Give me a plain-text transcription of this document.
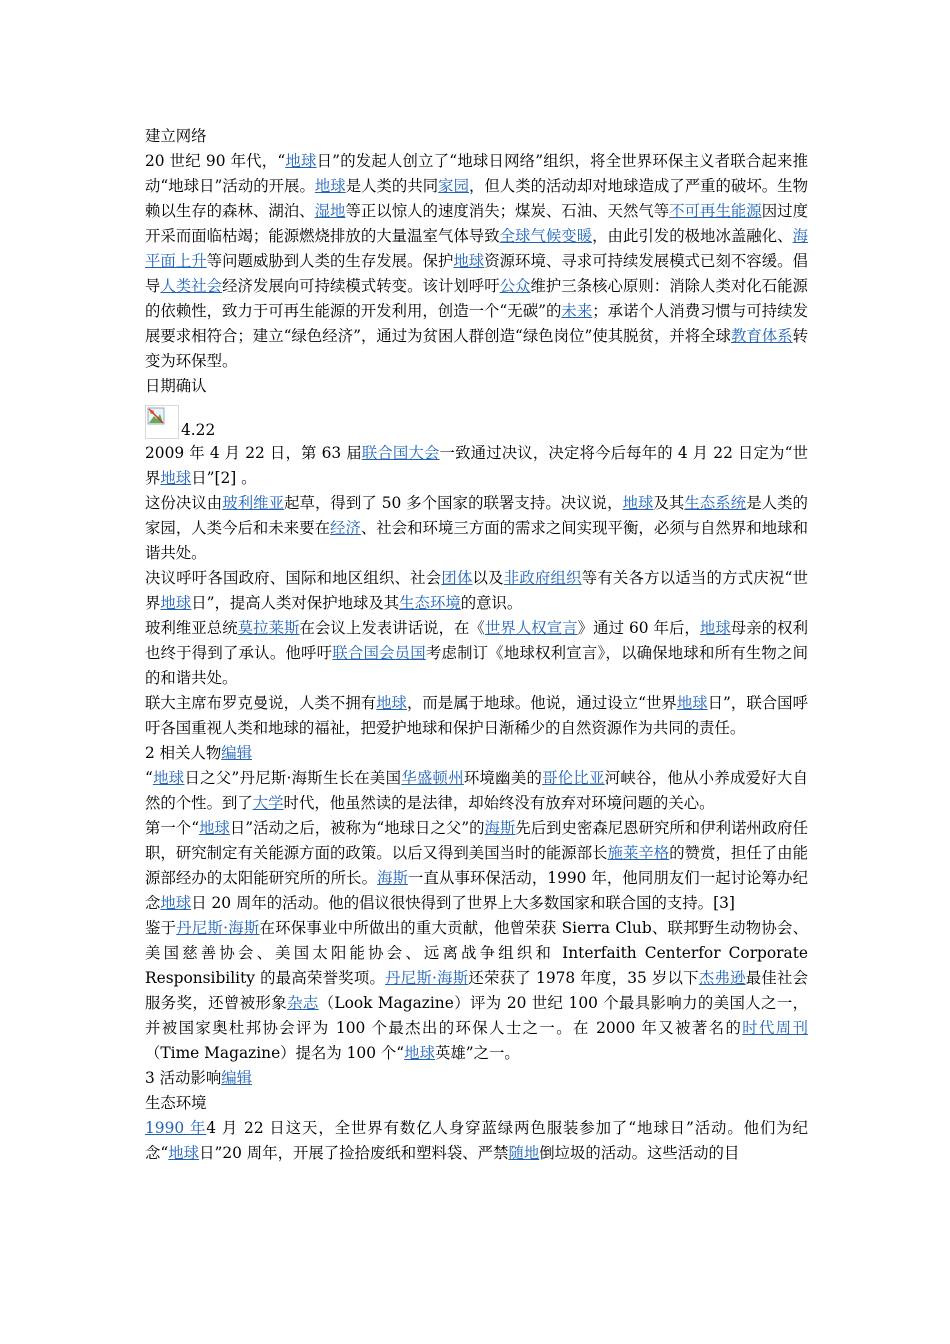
建立网络

20 世纪 90 年代，“地球日”的发起人创立了“地球日网络”组织，将全世界环保主义者联合起来推动“地球日”活动的开展。地球是人类的共同家园，但人类的活动却对地球造成了严重的破坏。生物赖以生存的森林、湖泊、湿地等正以惊人的速度消失；煤炭、石油、天然气等不可再生能源因过度开采而面临枯竭；能源燃烧排放的大量温室气体导致全球气候变暖，由此引发的极地冰盖融化、海平面上升等问题威胁到人类的生存发展。保护地球资源环境、寻求可持续发展模式已刻不容缓。倡导人类社会经济发展向可持续模式转变。该计划呼吁公众维护三条核心原则：消除人类对化石能源的依赖性，致力于可再生能源的开发利用，创造一个“无碳”的未来；承诺个人消费习惯与可持续发展要求相符合；建立“绿色经济”，通过为贫困人群创造“绿色岗位”使其脱贫，并将全球教育体系转变为环保型。

日期确认

4.22

2009 年 4 月 22 日，第 63 届联合国大会一致通过决议，决定将今后每年的 4 月 22 日定为“世界地球日”[2] 。

这份决议由玻利维亚起草，得到了 50 多个国家的联署支持。决议说，地球及其生态系统是人类的家园，人类今后和未来要在经济、社会和环境三方面的需求之间实现平衡，必须与自然界和地球和谐共处。

决议呼吁各国政府、国际和地区组织、社会团体以及非政府组织等有关各方以适当的方式庆祝“世界地球日”，提高人类对保护地球及其生态环境的意识。

玻利维亚总统莫拉莱斯在会议上发表讲话说，在《世界人权宣言》通过 60 年后，地球母亲的权利也终于得到了承认。他呼吁联合国会员国考虑制订《地球权利宣言》，以确保地球和所有生物之间的和谐共处。

联大主席布罗克曼说，人类不拥有地球，而是属于地球。他说，通过设立“世界地球日”，联合国呼吁各国重视人类和地球的福祉，把爱护地球和保护日渐稀少的自然资源作为共同的责任。

2 相关人物编辑

“地球日之父”丹尼斯·海斯生长在美国华盛顿州环境幽美的哥伦比亚河峡谷，他从小养成爱好大自然的个性。到了大学时代，他虽然读的是法律，却始终没有放弃对环境问题的关心。

第一个“地球日”活动之后，被称为“地球日之父”的海斯先后到史密森尼恩研究所和伊利诺州政府任职，研究制定有关能源方面的政策。以后又得到美国当时的能源部长施莱辛格的赞赏，担任了由能源部经办的太阳能研究所的所长。海斯一直从事环保活动，1990 年，他同朋友们一起讨论筹办纪念地球日 20 周年的活动。他的倡议很快得到了世界上大多数国家和联合国的支持。[3]

鉴于丹尼斯·海斯在环保事业中所做出的重大贡献，他曾荣获 Sierra Club、联邦野生动物协会、美国慈善协会、美国太阳能协会、远离战争组织和 Interfaith Centerfor Corporate Responsibility 的最高荣誉奖项。丹尼斯·海斯还荣获了 1978 年度，35 岁以下杰弗逊最佳社会服务奖，还曾被形象杂志（Look Magazine）评为 20 世纪 100 个最具影响力的美国人之一，并被国家奥杜邦协会评为 100 个最杰出的环保人士之一。在 2000 年又被著名的时代周刊（Time Magazine）提名为 100 个“地球英雄”之一。

3 活动影响编辑

生态环境

1990 年4 月 22 日这天，全世界有数亿人身穿蓝绿两色服装参加了“地球日”活动。他们为纪念“地球日”20 周年，开展了捡拾废纸和塑料袋、严禁随地倒垃圾的活动。这些活动的目
